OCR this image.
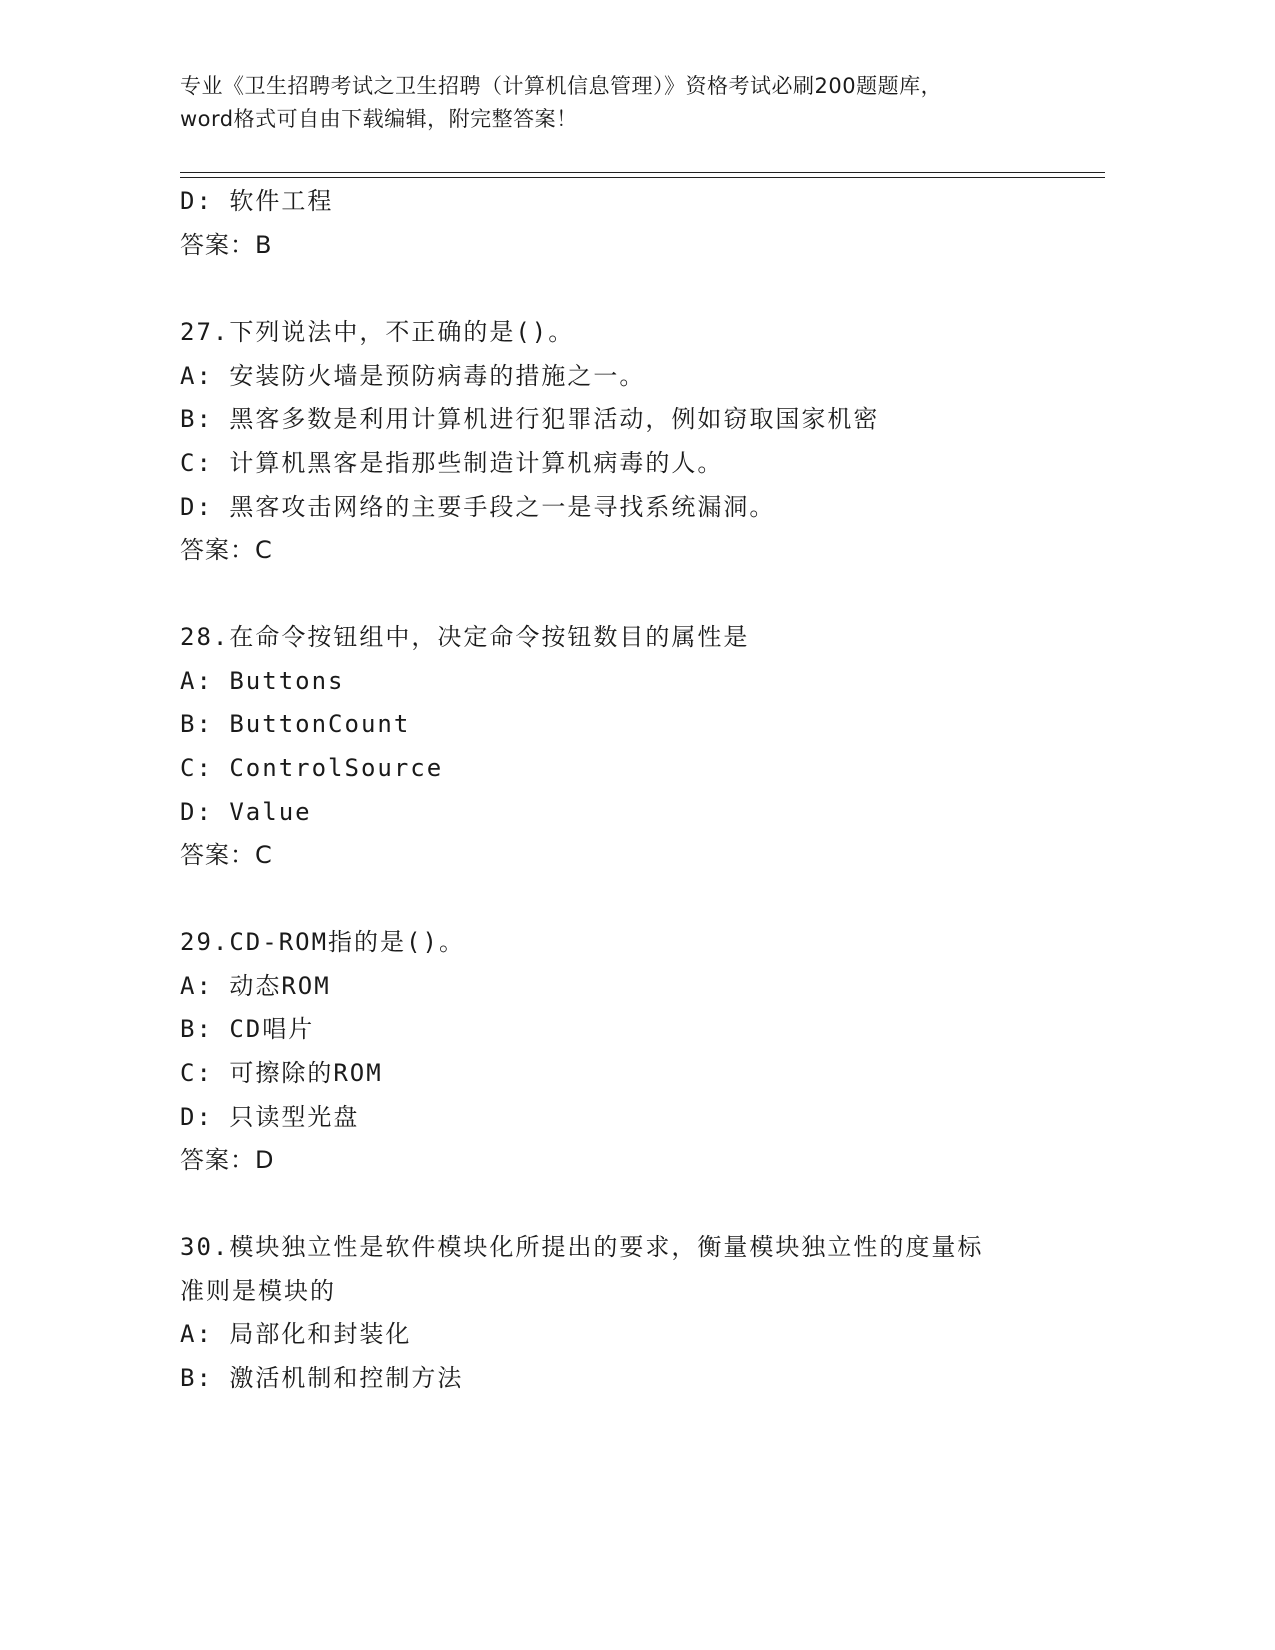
专业《卫生招聘考试之卫生招聘（计算机信息管理）》资格考试必刷200题题库，
word格式可自由下载编辑，附完整答案！
D: 软件工程
答案：B
27.下列说法中，不正确的是()。
A: 安装防火墙是预防病毒的措施之一。
B: 黑客多数是利用计算机进行犯罪活动，例如窃取国家机密
C: 计算机黑客是指那些制造计算机病毒的人。
D: 黑客攻击网络的主要手段之一是寻找系统漏洞。
答案：C
28.在命令按钮组中，决定命令按钮数目的属性是
A: Buttons
B: ButtonCount
C: ControlSource
D: Value
答案：C
29.CD-ROM指的是()。
A: 动态ROM
B: CD唱片
C: 可擦除的ROM
D: 只读型光盘
答案：D
30.模块独立性是软件模块化所提出的要求，衡量模块独立性的度量标
准则是模块的
A: 局部化和封装化
B: 激活机制和控制方法
